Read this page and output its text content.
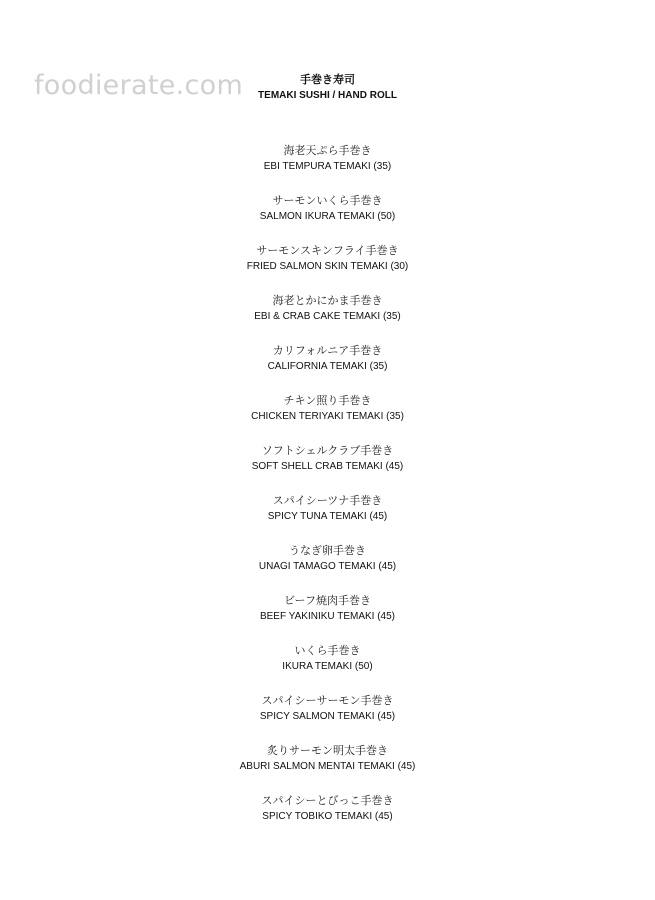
foodierate.com	手巻き寿司
TEMAKI SUSHI / HAND ROLL
海老天ぷら手巻き
EBI TEMPURA TEMAKI (35)
サーモンいくら手巻き
SALMON IKURA TEMAKI (50)
サーモンスキンフライ手巻き
FRIED SALMON SKIN TEMAKI (30)
海老とかにかま手巻き
EBI & CRAB CAKE TEMAKI (35)
カリフォルニア手巻き
CALIFORNIA TEMAKI (35)
チキン照り手巻き
CHICKEN TERIYAKI TEMAKI (35)
ソフトシェルクラブ手巻き
SOFT SHELL CRAB TEMAKI (45)
スパイシーツナ手巻き
SPICY TUNA TEMAKI (45)
うなぎ卵手巻き
UNAGI TAMAGO TEMAKI (45)
ビーフ焼肉手巻き
BEEF YAKINIKU TEMAKI (45)
いくら手巻き
IKURA TEMAKI (50)
スパイシーサーモン手巻き
SPICY SALMON TEMAKI (45)
炙りサーモン明太手巻き
ABURI SALMON MENTAI TEMAKI (45)
スパイシーとびっこ手巻き
SPICY TOBIKO TEMAKI (45)
